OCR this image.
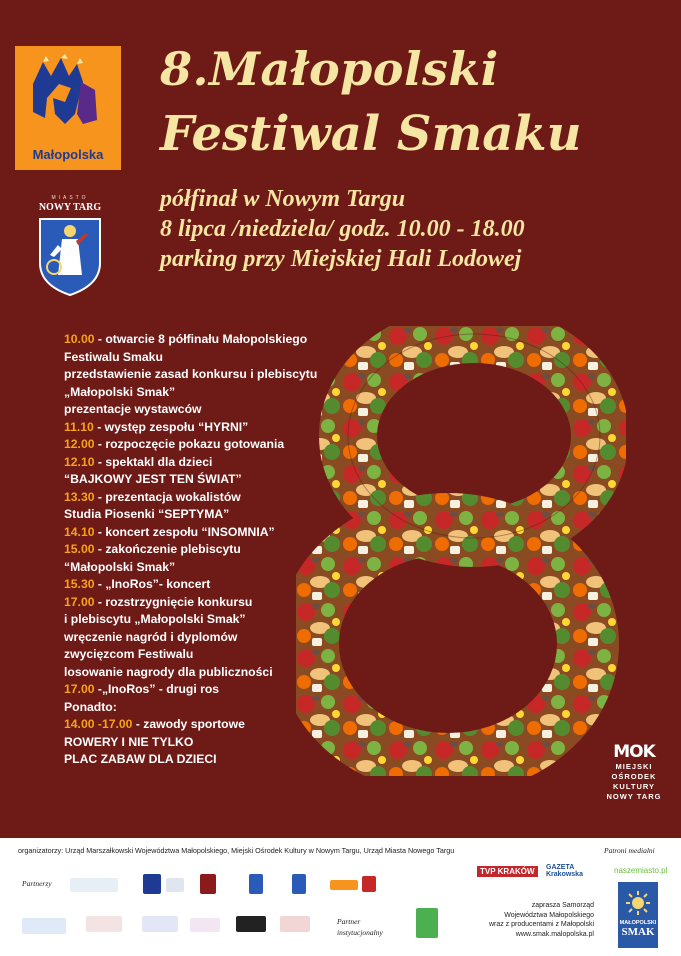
Małopolska
MIASTO
NOWY TARG
8.Małopolski
Festiwal Smaku
półfinał w Nowym Targu
8 lipca /niedziela/ godz. 10.00 - 18.00
parking przy Miejskiej Hali Lodowej
10.00 - otwarcie 8 półfinału Małopolskiego
Festiwalu Smaku
przedstawienie zasad konkursu i plebiscytu
„Małopolski Smak”
prezentacje wystawców
11.10 - występ zespołu “HYRNI”
12.00 - rozpoczęcie pokazu gotowania
12.10 - spektakl dla dzieci
“BAJKOWY JEST TEN ŚWIAT”
13.30 - prezentacja wokalistów
Studia Piosenki “SEPTYMA”
14.10 - koncert zespołu “INSOMNIA”
15.00 - zakończenie plebiscytu
“Małopolski Smak”
15.30 - „InoRos”- koncert
17.00 - rozstrzygnięcie konkursu
i plebiscytu „Małopolski Smak”
wręczenie nagród i dyplomów
zwycięzcom Festiwalu
losowanie nagrody dla publiczności
17.00 -„InoRos” - drugi ros
Ponadto:
14.00 -17.00 - zawody sportowe
ROWERY I NIE TYLKO
PLAC ZABAW DLA DZIECI	MOK
MIEJSKI
OŚRODEK
KULTURY
NOWY TARG
organizatorzy: Urząd Marszałkowski Województwa Małopolskiego, Miejski Ośrodek Kultury w Nowym Targu, Urząd Miasta Nowego Targu	Patroni medialni
TVP KRAKÓW	GAZETA
Krakowska	naszemiasto.pl
Partnerzy
Partner
instytucjonalny
zaprasza Samorząd
Województwa Małopolskiego
wraz z producentami z Małopolski
www.smak.malopolska.pl
MAŁOPOLSKI
SMAK
